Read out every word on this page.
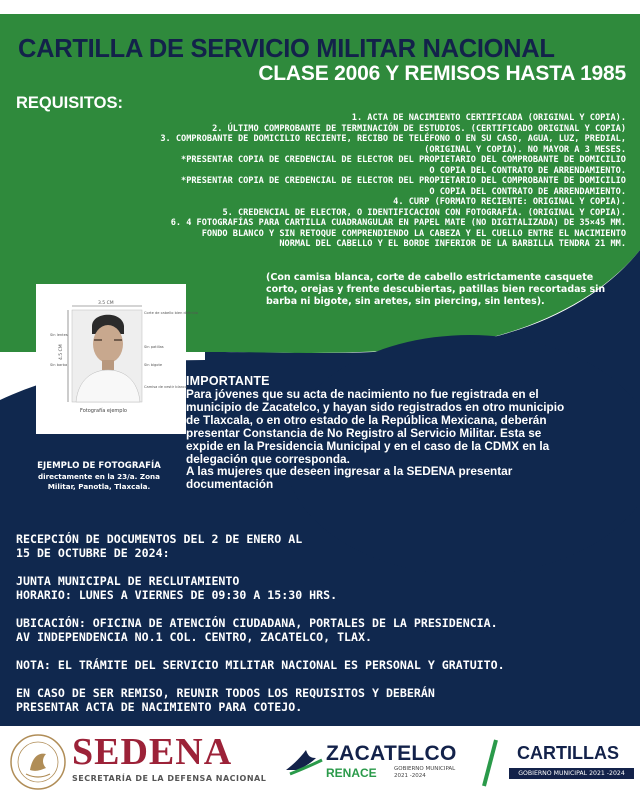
CARTILLA DE SERVICIO MILITAR NACIONAL
CLASE 2006 Y REMISOS HASTA 1985
REQUISITOS:
1. ACTA DE NACIMIENTO CERTIFICADA (ORIGINAL Y COPIA).
2. ÚLTIMO COMPROBANTE DE TERMINACIÓN DE ESTUDIOS. (CERTIFICADO ORIGINAL Y COPIA)
3. COMPROBANTE DE DOMICILIO RECIENTE, RECIBO DE TELÉFONO O EN SU CASO, AGUA, LUZ, PREDIAL,
(ORIGINAL Y COPIA). NO MAYOR A 3 MESES.
*PRESENTAR COPIA DE CREDENCIAL DE ELECTOR DEL PROPIETARIO DEL COMPROBANTE DE DOMICILIO
O COPIA DEL CONTRATO DE ARRENDAMIENTO.
*PRESENTAR COPIA DE CREDENCIAL DE ELECTOR DEL PROPIETARIO DEL COMPROBANTE DE DOMICILIO
O COPIA DEL CONTRATO DE ARRENDAMIENTO.
4. CURP (FORMATO RECIENTE: ORIGINAL Y COPIA).
5. CREDENCIAL DE ELECTOR, O IDENTIFICACION CON FOTOGRAFÍA. (ORIGINAL Y COPIA).
6. 4 FOTOGRAFÍAS PARA CARTILLA CUADRANGULAR EN PAPEL MATE (NO DIGITALIZADA) DE 35×45 MM.
FONDO BLANCO Y SIN RETOQUE COMPRENDIENDO LA CABEZA Y EL CUELLO ENTRE EL NACIMIENTO
NORMAL DEL CABELLO Y EL BORDE INFERIOR DE LA BARBILLA TENDRA 21 MM.
(Con camisa blanca, corte de cabello estrictamente casquete corto, orejas y frente descubiertas, patillas bien recortadas sin barba ni bigote, sin aretes, sin piercing, sin lentes).
3.5 CM
4.5 CM
Corte de cabello bien definido
Sin lentes
Sin patillas
Sin barba	Sin bigote
Camisa de vestir blanca
Fotografía ejemplo
EJEMPLO DE FOTOGRAFÍA
directamente en la 23/a. Zona
Militar, Panotla, Tlaxcala.
IMPORTANTE

Para jóvenes que su acta de nacimiento no fue registrada en el municipio de Zacatelco, y hayan sido registrados en otro municipio de Tlaxcala, o en otro estado de la República Mexicana, deberán presentar Constancia de No Registro al Servicio Militar. Esta se expide en la Presidencia Municipal y en el caso de la CDMX en la delegación que corresponda.

A las mujeres que deseen ingresar a la SEDENA presentar documentación

RECEPCIÓN DE DOCUMENTOS DEL 2 DE ENERO AL
15 DE OCTUBRE DE 2024:
JUNTA MUNICIPAL DE RECLUTAMIENTO
HORARIO: LUNES A VIERNES DE 09:30 A 15:30 HRS.
UBICACIÓN: OFICINA DE ATENCIÓN CIUDADANA, PORTALES DE LA PRESIDENCIA.
AV INDEPENDENCIA NO.1 COL. CENTRO, ZACATELCO, TLAX.
NOTA: EL TRÁMITE DEL SERVICIO MILITAR NACIONAL ES PERSONAL Y GRATUITO.
EN CASO DE SER REMISO, REUNIR TODOS LOS REQUISITOS Y DEBERÁN
PRESENTAR ACTA DE NACIMIENTO PARA COTEJO.
SEDENA
SECRETARÍA DE LA DEFENSA NACIONAL
ZACATELCO
RENACE	GOBIERNO MUNICIPAL
2021 -2024
CARTILLAS
GOBIERNO MUNICIPAL 2021 -2024
